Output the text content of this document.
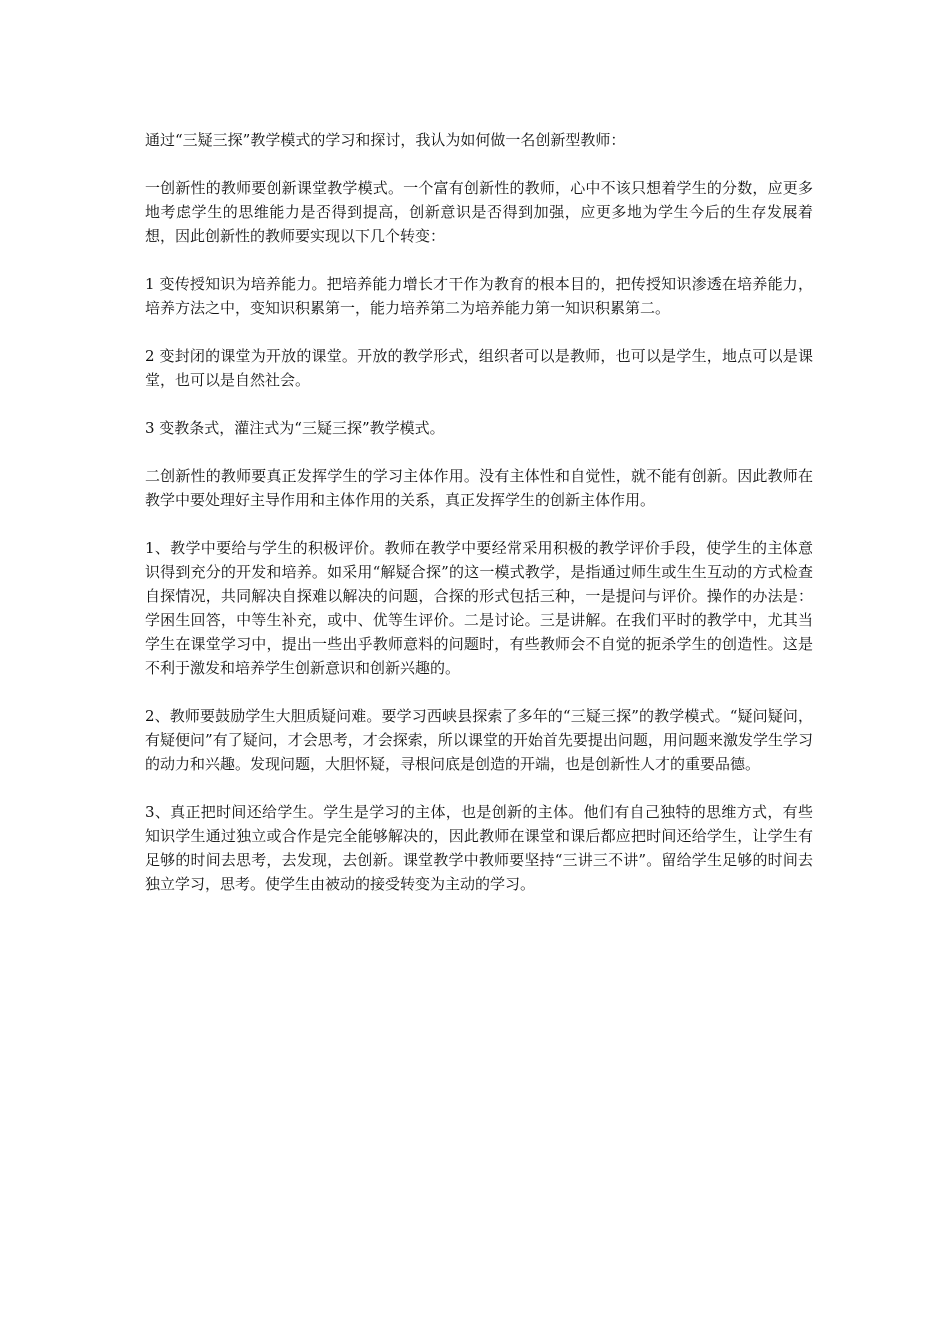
通过“三疑三探”教学模式的学习和探讨，我认为如何做一名创新型教师：

一创新性的教师要创新课堂教学模式。一个富有创新性的教师，心中不该只想着学生的分数，应更多地考虑学生的思维能力是否得到提高，创新意识是否得到加强，应更多地为学生今后的生存发展着想，因此创新性的教师要实现以下几个转变：

1 变传授知识为培养能力。把培养能力增长才干作为教育的根本目的，把传授知识渗透在培养能力，培养方法之中，变知识积累第一，能力培养第二为培养能力第一知识积累第二。

2 变封闭的课堂为开放的课堂。开放的教学形式，组织者可以是教师，也可以是学生，地点可以是课堂，也可以是自然社会。

3 变教条式，灌注式为“三疑三探”教学模式。

二创新性的教师要真正发挥学生的学习主体作用。没有主体性和自觉性，就不能有创新。因此教师在教学中要处理好主导作用和主体作用的关系，真正发挥学生的创新主体作用。

1、教学中要给与学生的积极评价。教师在教学中要经常采用积极的教学评价手段，使学生的主体意识得到充分的开发和培养。如采用“解疑合探”的这一模式教学，是指通过师生或生生互动的方式检查自探情况，共同解决自探难以解决的问题，合探的形式包括三种，一是提问与评价。操作的办法是：学困生回答，中等生补充，或中、优等生评价。二是讨论。三是讲解。在我们平时的教学中，尤其当学生在课堂学习中，提出一些出乎教师意料的问题时，有些教师会不自觉的扼杀学生的创造性。这是不利于激发和培养学生创新意识和创新兴趣的。

2、教师要鼓励学生大胆质疑问难。要学习西峡县探索了多年的“三疑三探”的教学模式。“疑问疑问，有疑便问”有了疑问，才会思考，才会探索，所以课堂的开始首先要提出问题，用问题来激发学生学习的动力和兴趣。发现问题，大胆怀疑，寻根问底是创造的开端，也是创新性人才的重要品德。

3、真正把时间还给学生。学生是学习的主体，也是创新的主体。他们有自己独特的思维方式，有些知识学生通过独立或合作是完全能够解决的，因此教师在课堂和课后都应把时间还给学生，让学生有足够的时间去思考，去发现，去创新。课堂教学中教师要坚持“三讲三不讲”。留给学生足够的时间去独立学习，思考。使学生由被动的接受转变为主动的学习。
